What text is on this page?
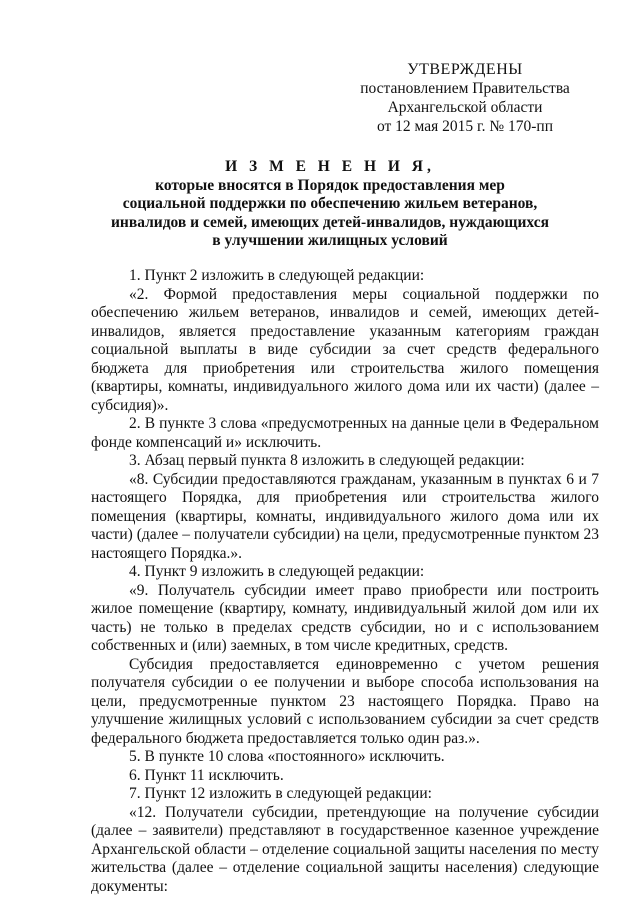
УТВЕРЖДЕНЫ
постановлением Правительства
Архангельской области
от 12 мая 2015 г. № 170-пп
И З М Е Н Е Н И Я,
которые вносятся в Порядок предоставления мер
социальной поддержки по обеспечению жильем ветеранов,
инвалидов и семей, имеющих детей-инвалидов, нуждающихся
в улучшении жилищных условий

1. Пункт 2 изложить в следующей редакции:

«2. Формой предоставления меры социальной поддержки по обеспечению жильем ветеранов, инвалидов и семей, имеющих детей-инвалидов, является предоставление указанным категориям граждан социальной выплаты в виде субсидии за счет средств федерального бюджета для приобретения или строительства жилого помещения (квартиры, комнаты, индивидуального жилого дома или их части) (далее – субсидия)».

2. В пункте 3 слова «предусмотренных на данные цели в Федеральном фонде компенсаций и» исключить.

3. Абзац первый пункта 8 изложить в следующей редакции:

«8. Субсидии предоставляются гражданам, указанным в пунктах 6 и 7 настоящего Порядка, для приобретения или строительства жилого помещения (квартиры, комнаты, индивидуального жилого дома или их части) (далее – получатели субсидии) на цели, предусмотренные пунктом 23 настоящего Порядка.».

4. Пункт 9 изложить в следующей редакции:

«9. Получатель субсидии имеет право приобрести или построить жилое помещение (квартиру, комнату, индивидуальный жилой дом или их часть) не только в пределах средств субсидии, но и с использованием собственных и (или) заемных, в том числе кредитных, средств.

Субсидия предоставляется единовременно с учетом решения получателя субсидии о ее получении и выборе способа использования на цели, предусмотренные пунктом 23 настоящего Порядка. Право на улучшение жилищных условий с использованием субсидии за счет средств федерального бюджета предоставляется только один раз.».

5. В пункте 10 слова «постоянного» исключить.

6. Пункт 11 исключить.

7. Пункт 12 изложить в следующей редакции:

«12. Получатели субсидии, претендующие на получение субсидии (далее – заявители) представляют в государственное казенное учреждение Архангельской области – отделение социальной защиты населения по месту жительства (далее – отделение социальной защиты населения) следующие документы:
